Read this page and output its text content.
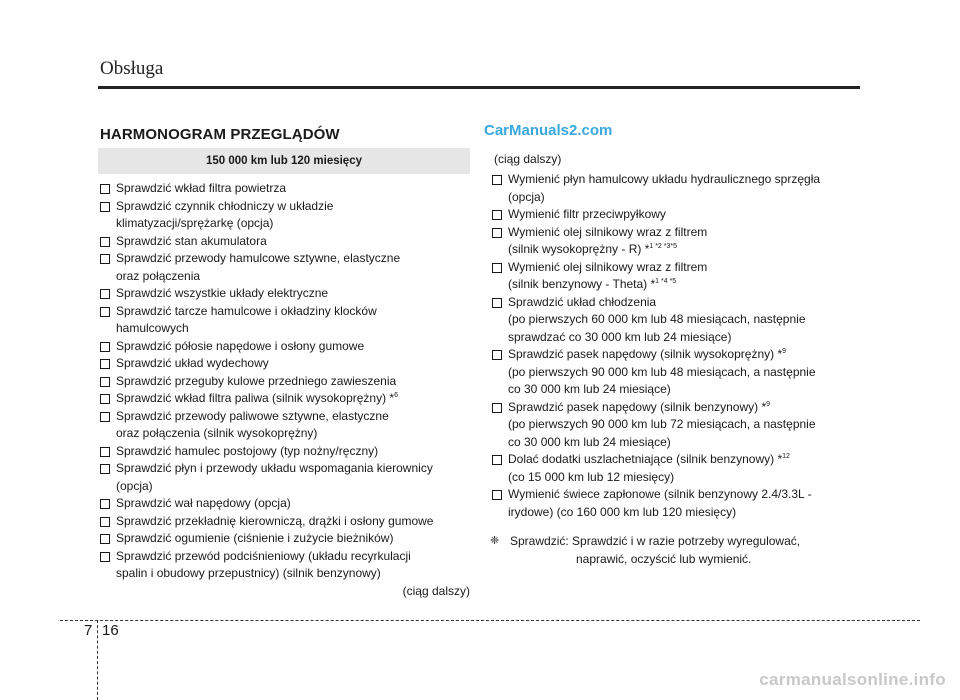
Obsługa
HARMONOGRAM PRZEGLĄDÓW	CarManuals2.com
150 000 km lub 120 miesięcy
Sprawdzić wkład filtra powietrza
Sprawdzić czynnik chłodniczy w układzie
klimatyzacji/sprężarkę (opcja)
Sprawdzić stan akumulatora
Sprawdzić przewody hamulcowe sztywne, elastyczne
oraz połączenia
Sprawdzić wszystkie układy elektryczne
Sprawdzić tarcze hamulcowe i okładziny klocków
hamulcowych
Sprawdzić półosie napędowe i osłony gumowe
Sprawdzić układ wydechowy
Sprawdzić przeguby kulowe przedniego zawieszenia
Sprawdzić wkład filtra paliwa (silnik wysokoprężny) *$^6$
Sprawdzić przewody paliwowe sztywne, elastyczne
oraz połączenia (silnik wysokoprężny)
Sprawdzić hamulec postojowy (typ nożny/ręczny)
Sprawdzić płyn i przewody układu wspomagania kierownicy
(opcja)
Sprawdzić wał napędowy (opcja)
Sprawdzić przekładnię kierowniczą, drążki i osłony gumowe
Sprawdzić ogumienie (ciśnienie i zużycie bieżników)
Sprawdzić przewód podciśnieniowy (układu recyrkulacji
spalin i obudowy przepustnicy) (silnik benzynowy)
(ciąg dalszy)
(ciąg dalszy)
Wymienić płyn hamulcowy układu hydraulicznego sprzęgła
(opcja)
Wymienić filtr przeciwpyłkowy
Wymienić olej silnikowy wraz z filtrem
(silnik wysokoprężny - R) *$^{1 *2 *3*5}$
Wymienić olej silnikowy wraz z filtrem
(silnik benzynowy - Theta) *$^{1 *4 *5}$
Sprawdzić układ chłodzenia
(po pierwszych 60 000 km lub 48 miesiącach, następnie
sprawdzać co 30 000 km lub 24 miesiące)
Sprawdzić pasek napędowy (silnik wysokoprężny) *$^9$
(po pierwszych 90 000 km lub 48 miesiącach, a następnie
co 30 000 km lub 24 miesiące)
Sprawdzić pasek napędowy (silnik benzynowy) *$^9$
(po pierwszych 90 000 km lub 72 miesiącach, a następnie
co 30 000 km lub 24 miesiące)
Dolać dodatki uszlachetniające (silnik benzynowy) *$^{12}$
(co 15 000 km lub 12 miesięcy)
Wymienić świece zapłonowe (silnik benzynowy 2.4/3.3L -
irydowe) (co 160 000 km lub 120 miesięcy)
❈ Sprawdzić: Sprawdzić i w razie potrzeby wyregulować,
naprawić, oczyścić lub wymienić.
7 16
carmanualsonline.info
